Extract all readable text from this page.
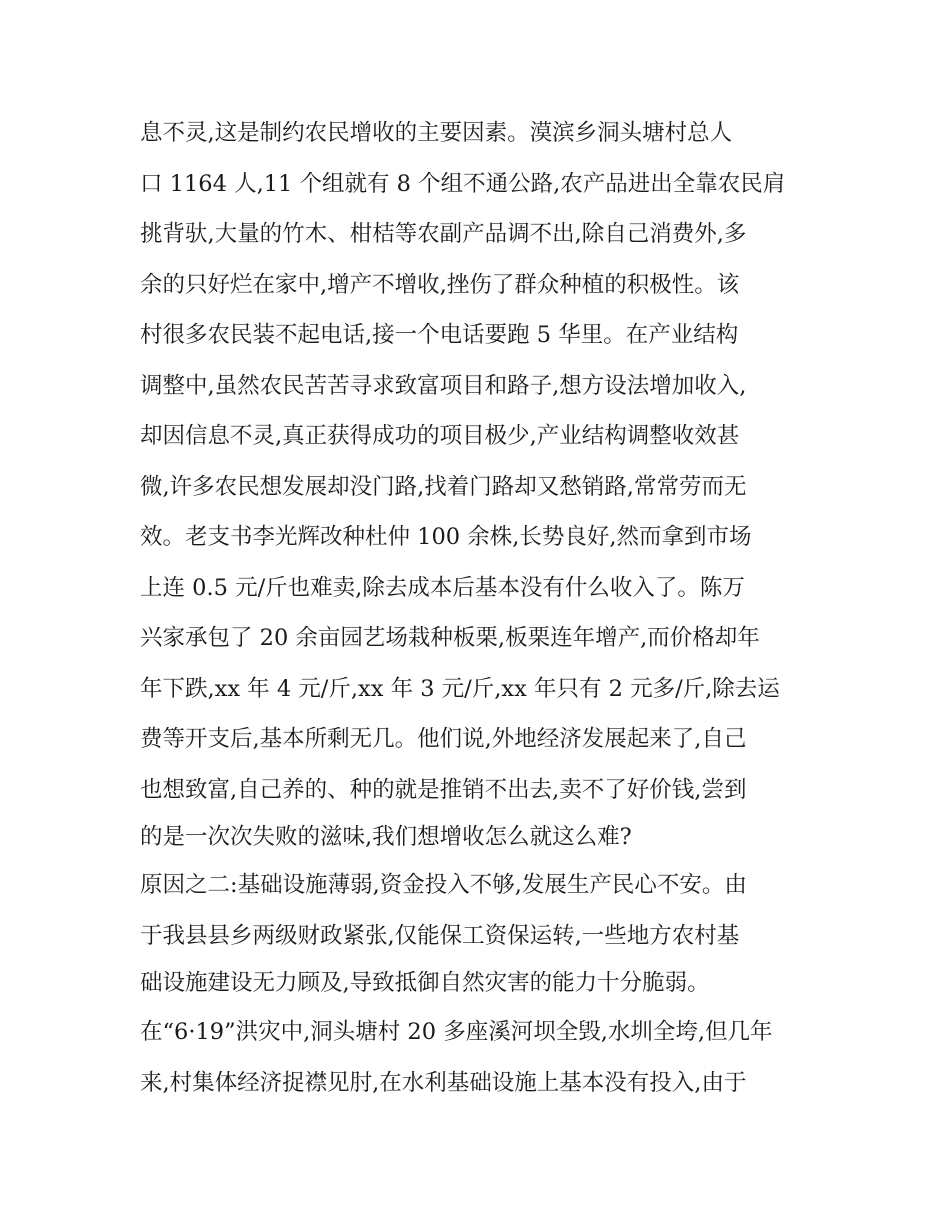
息不灵,这是制约农民增收的主要因素。漠滨乡洞头塘村总人
口 1164 人,11 个组就有 8 个组不通公路,农产品进出全靠农民肩
挑背驮,大量的竹木、柑桔等农副产品调不出,除自己消费外,多
余的只好烂在家中,增产不增收,挫伤了群众种植的积极性。该
村很多农民装不起电话,接一个电话要跑 5 华里。在产业结构
调整中,虽然农民苦苦寻求致富项目和路子,想方设法增加收入,
却因信息不灵,真正获得成功的项目极少,产业结构调整收效甚
微,许多农民想发展却没门路,找着门路却又愁销路,常常劳而无
效。老支书李光辉改种杜仲 100 余株,长势良好,然而拿到市场
上连 0.5 元/斤也难卖,除去成本后基本没有什么收入了。陈万
兴家承包了 20 余亩园艺场栽种板栗,板栗连年增产,而价格却年
年下跌,xx 年 4 元/斤,xx 年 3 元/斤,xx 年只有 2 元多/斤,除去运
费等开支后,基本所剩无几。他们说,外地经济发展起来了,自己
也想致富,自己养的、种的就是推销不出去,卖不了好价钱,尝到
的是一次次失败的滋味,我们想增收怎么就这么难?
原因之二:基础设施薄弱,资金投入不够,发展生产民心不安。由
于我县县乡两级财政紧张,仅能保工资保运转,一些地方农村基
础设施建设无力顾及,导致抵御自然灾害的能力十分脆弱。
在“6·19”洪灾中,洞头塘村 20 多座溪河坝全毁,水圳全垮,但几年
来,村集体经济捉襟见肘,在水利基础设施上基本没有投入,由于
